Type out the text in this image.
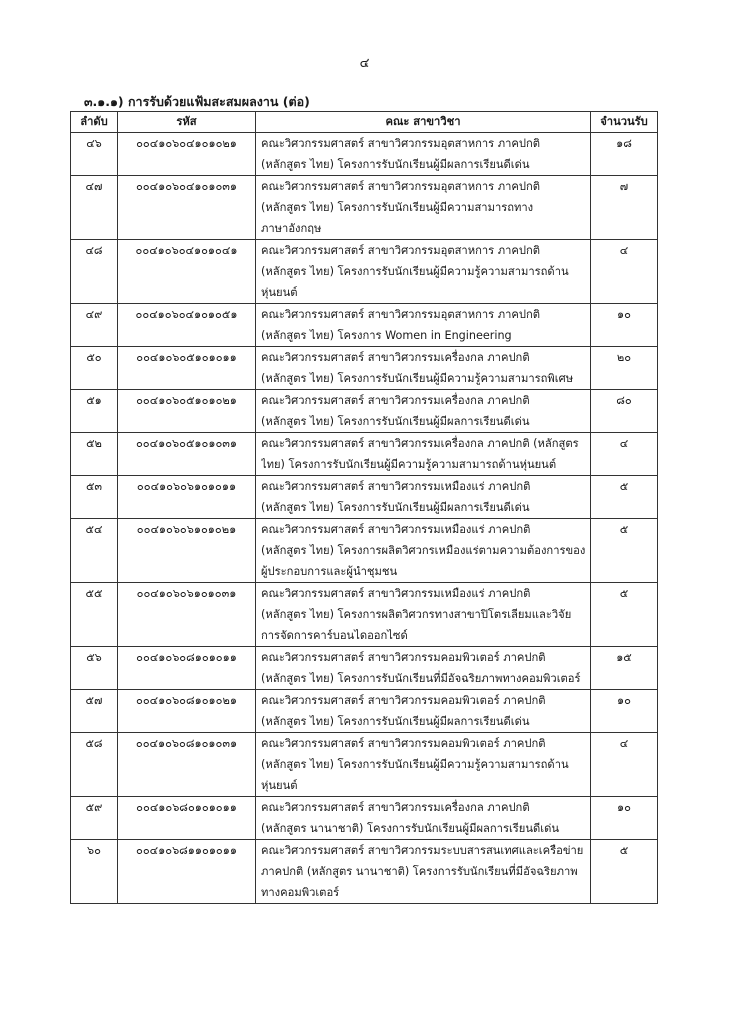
๔
๓.๑.๑) การรับด้วยแฟ้มสะสมผลงาน (ต่อ)
ลำดับ	รหัส	คณะ สาขาวิชา	จำนวนรับ
๔๖	๐๐๔๑๐๖๐๔๑๐๑๐๒๑	คณะวิศวกรรมศาสตร์ สาขาวิศวกรรมอุตสาหการ ภาคปกติ
(หลักสูตร ไทย) โครงการรับนักเรียนผู้มีผลการเรียนดีเด่น	๑๘
๔๗	๐๐๔๑๐๖๐๔๑๐๑๐๓๑	คณะวิศวกรรมศาสตร์ สาขาวิศวกรรมอุตสาหการ ภาคปกติ
(หลักสูตร ไทย) โครงการรับนักเรียนผู้มีความสามารถทาง
ภาษาอังกฤษ	๗
๔๘	๐๐๔๑๐๖๐๔๑๐๑๐๔๑	คณะวิศวกรรมศาสตร์ สาขาวิศวกรรมอุตสาหการ ภาคปกติ
(หลักสูตร ไทย) โครงการรับนักเรียนผู้มีความรู้ความสามารถด้าน
หุ่นยนต์	๔
๔๙	๐๐๔๑๐๖๐๔๑๐๑๐๕๑	คณะวิศวกรรมศาสตร์ สาขาวิศวกรรมอุตสาหการ ภาคปกติ
(หลักสูตร ไทย) โครงการ Women in Engineering	๑๐
๕๐	๐๐๔๑๐๖๐๕๑๐๑๐๑๑	คณะวิศวกรรมศาสตร์ สาขาวิศวกรรมเครื่องกล ภาคปกติ
(หลักสูตร ไทย) โครงการรับนักเรียนผู้มีความรู้ความสามารถพิเศษ	๒๐
๕๑	๐๐๔๑๐๖๐๕๑๐๑๐๒๑	คณะวิศวกรรมศาสตร์ สาขาวิศวกรรมเครื่องกล ภาคปกติ
(หลักสูตร ไทย) โครงการรับนักเรียนผู้มีผลการเรียนดีเด่น	๘๐
๕๒	๐๐๔๑๐๖๐๕๑๐๑๐๓๑	คณะวิศวกรรมศาสตร์ สาขาวิศวกรรมเครื่องกล ภาคปกติ (หลักสูตร
ไทย) โครงการรับนักเรียนผู้มีความรู้ความสามารถด้านหุ่นยนต์	๔
๕๓	๐๐๔๑๐๖๐๖๑๐๑๐๑๑	คณะวิศวกรรมศาสตร์ สาขาวิศวกรรมเหมืองแร่ ภาคปกติ
(หลักสูตร ไทย) โครงการรับนักเรียนผู้มีผลการเรียนดีเด่น	๕
๕๔	๐๐๔๑๐๖๐๖๑๐๑๐๒๑	คณะวิศวกรรมศาสตร์ สาขาวิศวกรรมเหมืองแร่ ภาคปกติ
(หลักสูตร ไทย) โครงการผลิตวิศวกรเหมืองแร่ตามความต้องการของ
ผู้ประกอบการและผู้นำชุมชน	๕
๕๕	๐๐๔๑๐๖๐๖๑๐๑๐๓๑	คณะวิศวกรรมศาสตร์ สาขาวิศวกรรมเหมืองแร่ ภาคปกติ
(หลักสูตร ไทย) โครงการผลิตวิศวกรทางสาขาปิโตรเลียมและวิจัย
การจัดการคาร์บอนไดออกไซด์	๕
๕๖	๐๐๔๑๐๖๐๘๑๐๑๐๑๑	คณะวิศวกรรมศาสตร์ สาขาวิศวกรรมคอมพิวเตอร์ ภาคปกติ
(หลักสูตร ไทย) โครงการรับนักเรียนที่มีอัจฉริยภาพทางคอมพิวเตอร์	๑๕
๕๗	๐๐๔๑๐๖๐๘๑๐๑๐๒๑	คณะวิศวกรรมศาสตร์ สาขาวิศวกรรมคอมพิวเตอร์ ภาคปกติ
(หลักสูตร ไทย) โครงการรับนักเรียนผู้มีผลการเรียนดีเด่น	๑๐
๕๘	๐๐๔๑๐๖๐๘๑๐๑๐๓๑	คณะวิศวกรรมศาสตร์ สาขาวิศวกรรมคอมพิวเตอร์ ภาคปกติ
(หลักสูตร ไทย) โครงการรับนักเรียนผู้มีความรู้ความสามารถด้าน
หุ่นยนต์	๔
๕๙	๐๐๔๑๐๖๘๐๑๐๑๐๑๑	คณะวิศวกรรมศาสตร์ สาขาวิศวกรรมเครื่องกล ภาคปกติ
(หลักสูตร นานาชาติ) โครงการรับนักเรียนผู้มีผลการเรียนดีเด่น	๑๐
๖๐	๐๐๔๑๐๖๘๑๑๐๑๐๑๑	คณะวิศวกรรมศาสตร์ สาขาวิศวกรรมระบบสารสนเทศและเครือข่าย
ภาคปกติ (หลักสูตร นานาชาติ) โครงการรับนักเรียนที่มีอัจฉริยภาพ
ทางคอมพิวเตอร์	๕
